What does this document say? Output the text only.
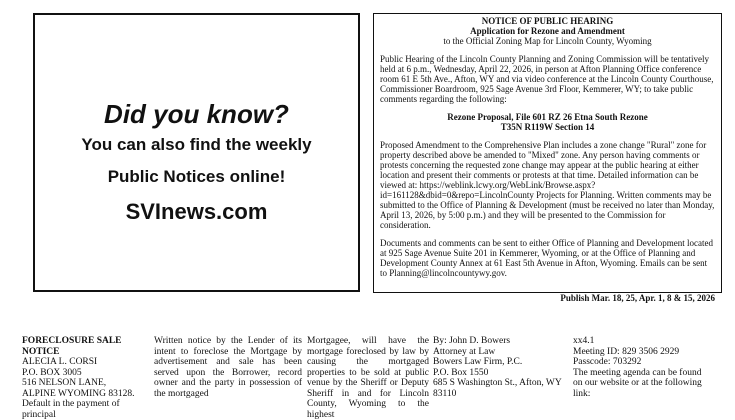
Did you know?
You can also find the weekly
Public Notices online!
SVInews.com

NOTICE OF PUBLIC HEARING

Application for Rezone and Amendment

to the Official Zoning Map for Lincoln County, Wyoming

Public Hearing of the Lincoln County Planning and Zoning Commission will be tentatively held at 6 p.m., Wednesday, April 22, 2026, in person at Afton Planning Office conference room 61 E 5th Ave., Afton, WY and via video conference at the Lincoln County Courthouse, Commissioner Boardroom, 925 Sage Avenue 3rd Floor, Kemmerer, WY; to take public comments regarding the following:

Rezone Proposal, File 601 RZ 26 Etna South Rezone

T35N R119W Section 14

Proposed Amendment to the Comprehensive Plan includes a zone change "Rural" zone for property described above be amended to "Mixed" zone. Any person having comments or protests concerning the requested zone change may appear at the public hearing at either location and present their comments or protests at that time. Detailed information can be viewed at: https://weblink.lcwy.org/WebLink/Browse.aspx?id=161128&dbid=0&repo=LincolnCounty Projects for Planning. Written comments may be submitted to the Office of Planning & Development (must be received no later than Monday, April 13, 2026, by 5:00 p.m.) and they will be presented to the Commission for consideration.

Documents and comments can be sent to either Office of Planning and Development located at 925 Sage Avenue Suite 201 in Kemmerer, Wyoming, or at the Office of Planning and Development County Annex at 61 East 5th Avenue in Afton, Wyoming. Emails can be sent to Planning@lincolncountywy.gov.

Publish Mar. 18, 25, Apr. 1, 8 & 15, 2026

FORECLOSURE SALE NOTICE

ALECIA L. CORSI

P.O. BOX 3005

516 NELSON LANE,

ALPINE WYOMING 83128.

Default in the payment of principal

Written notice by the Lender of its intent to foreclose the Mortgage by advertisement and sale has been served upon the Borrower, record owner and the party in possession of the mortgaged

Mortgagee, will have the mortgage foreclosed by law by causing the mortgaged properties to be sold at public venue by the Sheriff or Deputy Sheriff in and for Lincoln County, Wyoming to the highest

By: John D. Bowers

Attorney at Law

Bowers Law Firm, P.C.

P.O. Box 1550

685 S Washington St., Afton, WY

83110

xx4.1

Meeting ID: 829 3506 2929

Passcode: 703292

The meeting agenda can be found on our website or at the following

link:
